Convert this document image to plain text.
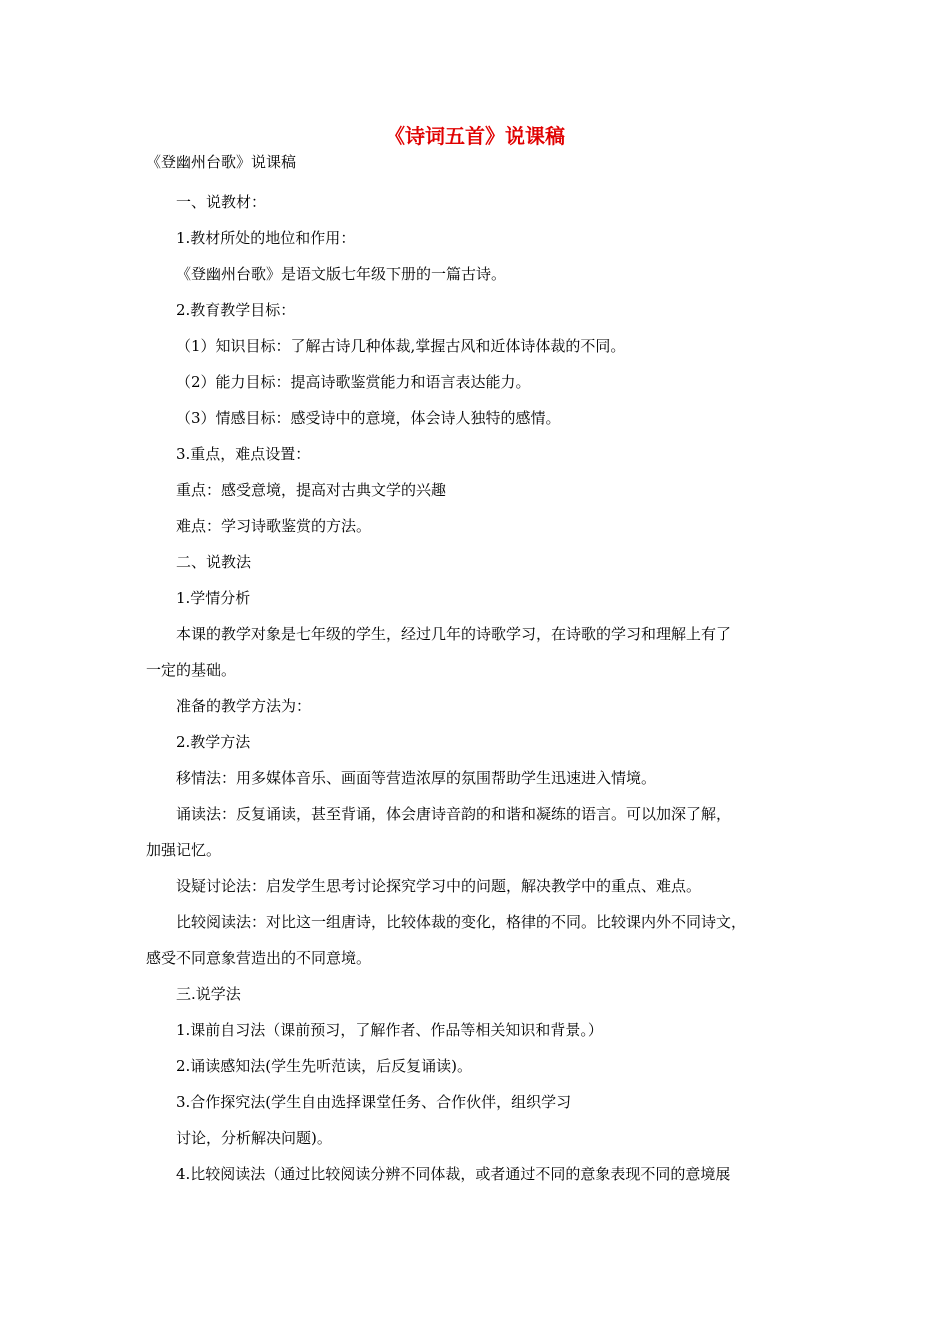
《诗词五首》说课稿

《登幽州台歌》说课稿

一、说教材：

1.教材所处的地位和作用：

《登幽州台歌》是语文版七年级下册的一篇古诗。

2.教育教学目标：

（1）知识目标：了解古诗几种体裁,掌握古风和近体诗体裁的不同。

（2）能力目标：提高诗歌鉴赏能力和语言表达能力。

（3）情感目标：感受诗中的意境，体会诗人独特的感情。

3.重点，难点设置：

重点：感受意境，提高对古典文学的兴趣

难点：学习诗歌鉴赏的方法。

二、说教法

1.学情分析

本课的教学对象是七年级的学生，经过几年的诗歌学习，在诗歌的学习和理解上有了

一定的基础。

准备的教学方法为：

2.教学方法

移情法：用多媒体音乐、画面等营造浓厚的氛围帮助学生迅速进入情境。

诵读法：反复诵读，甚至背诵，体会唐诗音韵的和谐和凝练的语言。可以加深了解，

加强记忆。

设疑讨论法：启发学生思考讨论探究学习中的问题，解决教学中的重点、难点。

比较阅读法：对比这一组唐诗，比较体裁的变化，格律的不同。比较课内外不同诗文，

感受不同意象营造出的不同意境。

三.说学法

1.课前自习法（课前预习，了解作者、作品等相关知识和背景。）

2.诵读感知法(学生先听范读，后反复诵读)。

3.合作探究法(学生自由选择课堂任务、合作伙伴，组织学习

讨论，分析解决问题)。

4.比较阅读法（通过比较阅读分辨不同体裁，或者通过不同的意象表现不同的意境展
